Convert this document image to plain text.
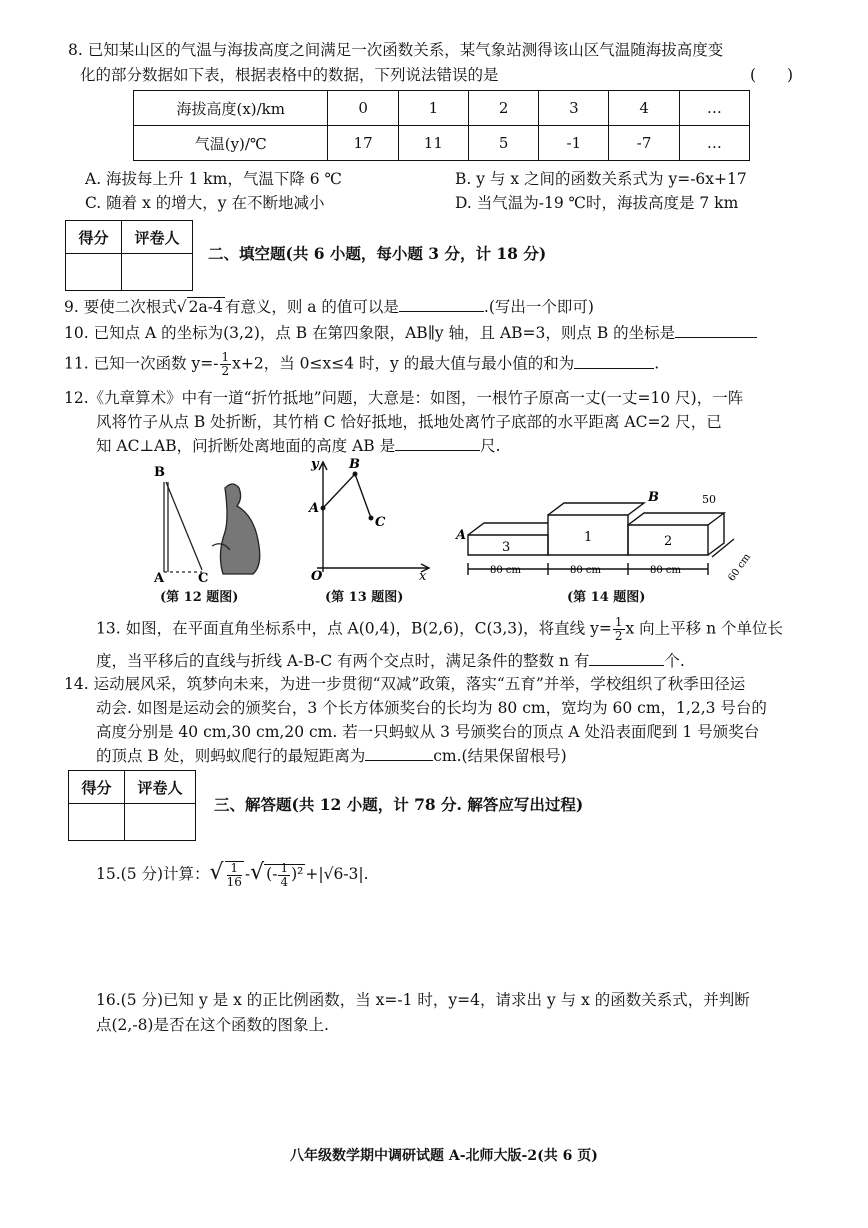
8. 已知某山区的气温与海拔高度之间满足一次函数关系，某气象站测得该山区气温随海拔高度变
化的部分数据如下表，根据表格中的数据，下列说法错误的是	(　　)
海拔高度(x)/km	0	1	2	3	4	…
气温(y)/℃	17	11	5	-1	-7	…
A. 海拔每上升 1 km，气温下降 6 ℃	B. y 与 x 之间的函数关系式为 y=-6x+17
C. 随着 x 的增大，y 在不断地减小	D. 当气温为-19 ℃时，海拔高度是 7 km
得分	评卷人

二、填空题(共 6 小题，每小题 3 分，计 18 分)
9. 要使二次根式√ 2a-4 有意义，则 a 的值可以是	.(写出一个即可)
10. 已知点 A 的坐标为(3,2)，点 B 在第四象限，AB∥y 轴，且 AB=3，则点 B 的坐标是
11. 已知一次函数 $y=- \frac{1}{2} x+2$，当 0≤x≤4 时，y 的最大值与最小值的和为	.
12.《九章算术》中有一道“折竹抵地”问题，大意是：如图，一根竹子原高一丈(一丈=10 尺)，一阵
风将竹子从点 B 处折断，其竹梢 C 恰好抵地，抵地处离竹子底部的水平距离 AC=2 尺，已
知 AC⊥AB，问折断处离地面的高度 AB 是	尺.
B
A	C
(第 12 题图)
y
x
O
A
B
C
(第 13 题图)
A
B	50
3
1	2
80 cm	80 cm	80 cm	60 cm
(第 14 题图)
13. 如图，在平面直角坐标系中，点 A(0,4)，B(2,6)，C(3,3)，将直线 $y= \frac{1}{2}$ x 向上平移 n 个单位长
度，当平移后的直线与折线 A-B-C 有两个交点时，满足条件的整数 n 有	个.
14. 运动展风采，筑梦向未来，为进一步贯彻“双减”政策，落实“五育”并举，学校组织了秋季田径运
动会. 如图是运动会的颁奖台，3 个长方体颁奖台的长均为 80 cm，宽均为 60 cm，1,2,3 号台的
高度分别是 40 cm,30 cm,20 cm. 若一只蚂蚁从 3 号颁奖台的顶点 A 处沿表面爬到 1 号颁奖台
的顶点 B 处，则蚂蚁爬行的最短距离为	cm.(结果保留根号)
得分	评卷人

三、解答题(共 12 小题，计 78 分. 解答应写出过程)
15.(5 分)计算：√ $\frac{1}{16}$ -√ (- $\frac{1}{4} )^2 +|√6-3|$.
16.(5 分)已知 y 是 x 的正比例函数，当 x=-1 时，y=4，请求出 y 与 x 的函数关系式，并判断
点(2,-8)是否在这个函数的图象上.
八年级数学期中调研试题 A-北师大版-2(共 6 页)
